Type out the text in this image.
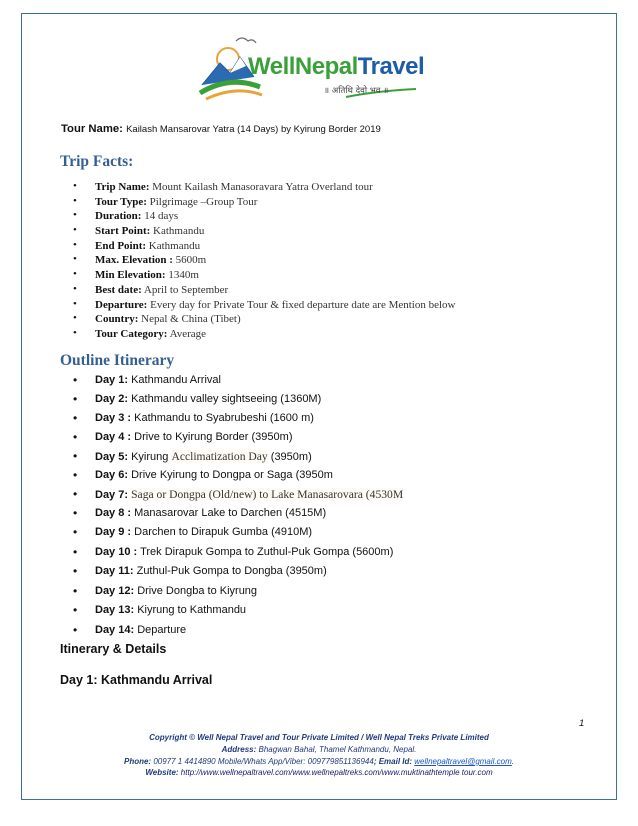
WellNepalTravel
॥ अतिथि देवो भव ॥
Tour Name: Kailash Mansarovar Yatra (14 Days) by Kyirung Border 2019
Trip Facts:
• Trip Name: Mount Kailash Manasoravara Yatra Overland tour
• Tour Type: Pilgrimage –Group Tour
• Duration: 14 days
• Start Point: Kathmandu
• End Point: Kathmandu
• Max. Elevation : 5600m
• Min Elevation: 1340m
• Best date: April to September
• Departure: Every day for Private Tour & fixed departure date are Mention below
• Country: Nepal & China (Tibet)
• Tour Category: Average
Outline Itinerary
• Day 1: Kathmandu Arrival
• Day 2: Kathmandu valley sightseeing (1360M)
• Day 3 : Kathmandu to Syabrubeshi (1600 m)
• Day 4 : Drive to Kyirung Border (3950m)
• Day 5: Kyirung Acclimatization Day (3950m)
• Day 6: Drive Kyirung to Dongpa or Saga (3950m
• Day 7: Saga or Dongpa (Old/new) to Lake Manasarovara (4530M
• Day 8 : Manasarovar Lake to Darchen (4515M)
• Day 9 : Darchen to Dirapuk Gumba (4910M)
• Day 10 : Trek Dirapuk Gompa to Zuthul-Puk Gompa (5600m)
• Day 11: Zuthul-Puk Gompa to Dongba (3950m)
• Day 12: Drive Dongba to Kiyrung
• Day 13: Kiyrung to Kathmandu
• Day 14: Departure
Itinerary & Details
Day 1: Kathmandu Arrival
1
Copyright © Well Nepal Travel and Tour Private Limited / Well Nepal Treks Private Limited
Address: Bhagwan Bahal, Thamel Kathmandu, Nepal.
Phone: 00977 1 4414890 Mobile/Whats App/Viber: 009779851136944; Email Id: wellnepaltravel@gmail.com.
Website: http://www.wellnepaltravel.com/www.wellnepaltreks.com/www.muktinathtemple tour.com
